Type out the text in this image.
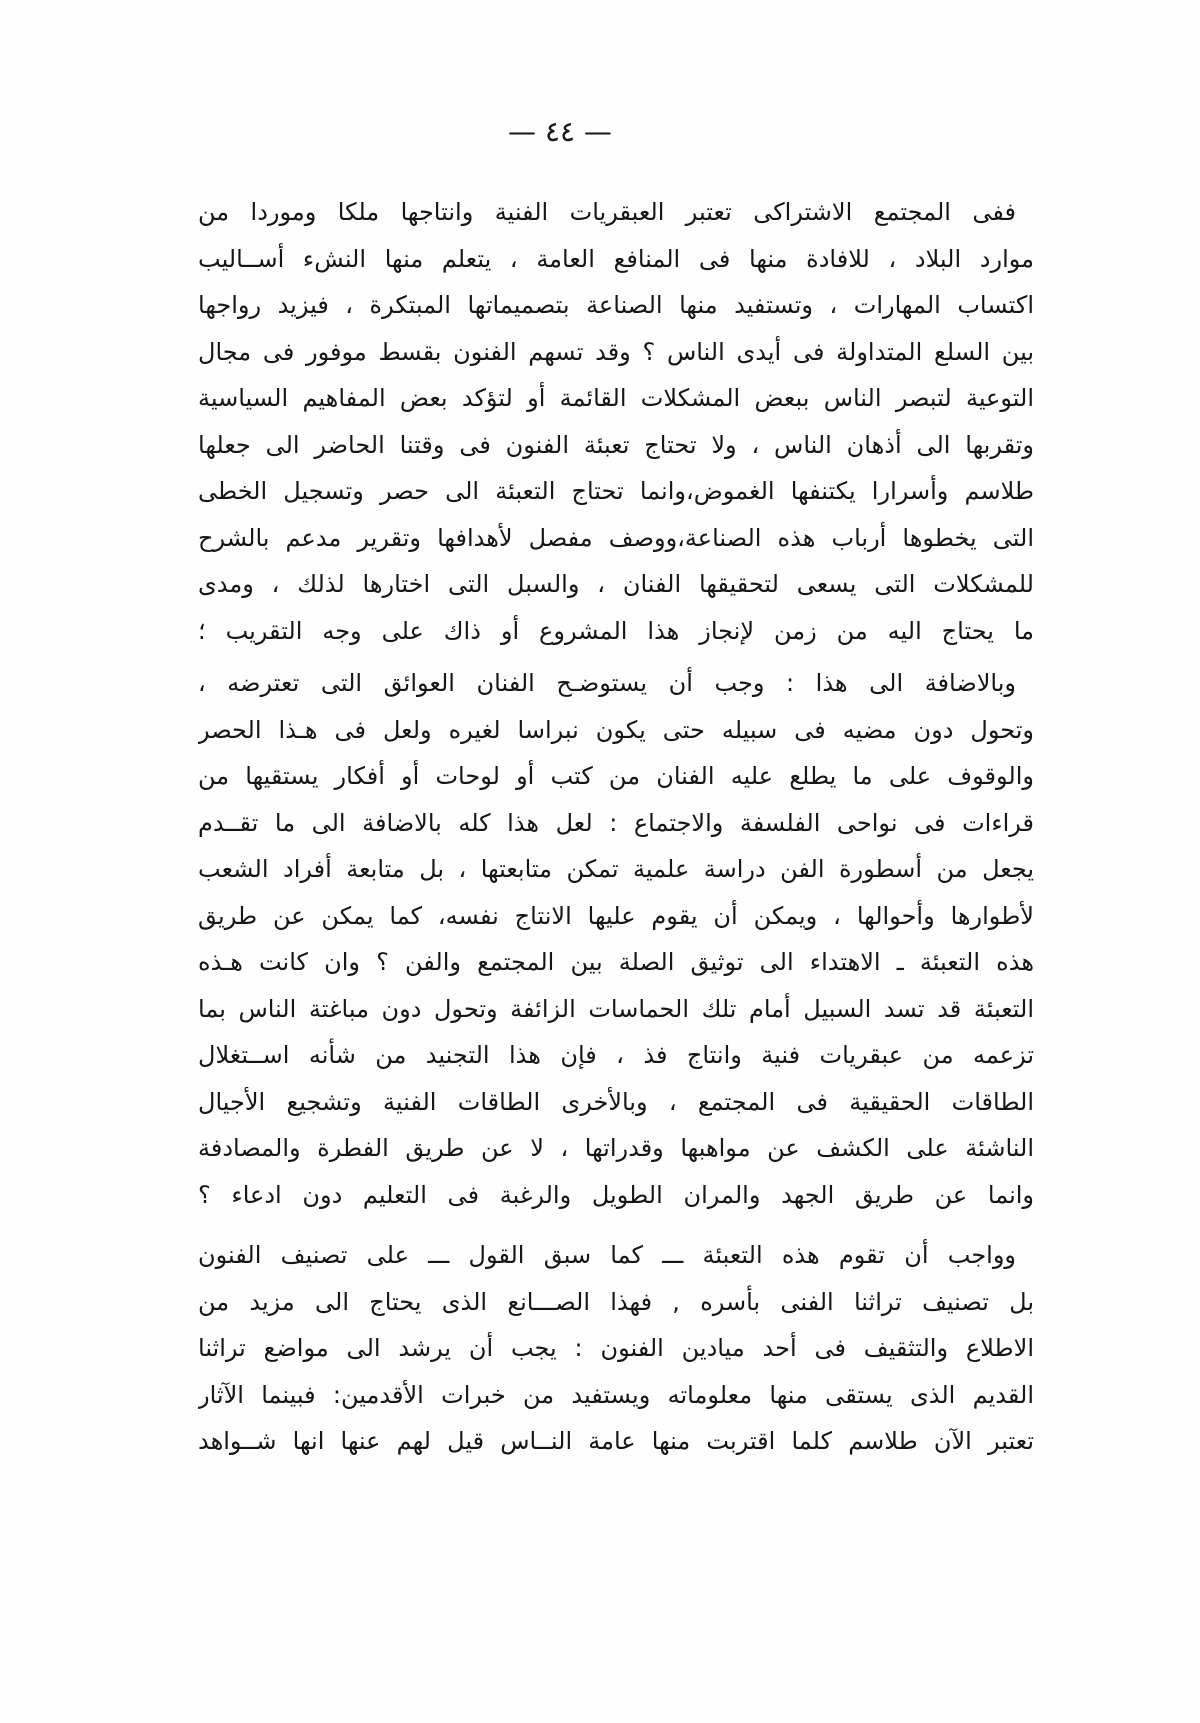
— ٤٤ —
ففى المجتمع الاشتراكى تعتبر العبقريات الفنية وانتاجها ملكا وموردا من
موارد البلاد ، للافادة منها فى المنافع العامة ، يتعلم منها النشء أســاليب
اكتساب المهارات ، وتستفيد منها الصناعة بتصميماتها المبتكرة ، فيزيد رواجها
بين السلع المتداولة فى أيدى الناس ؟ وقد تسهم الفنون بقسط موفور فى مجال
التوعية لتبصر الناس ببعض المشكلات القائمة أو لتؤكد بعض المفاهيم السياسية
وتقربها الى أذهان الناس ، ولا تحتاج تعبئة الفنون فى وقتنا الحاضر الى جعلها
طلاسم وأسرارا يكتنفها الغموض،وانما تحتاج التعبئة الى حصر وتسجيل الخطى
التى يخطوها أرباب هذه الصناعة،ووصف مفصل لأهدافها وتقرير مدعم بالشرح
للمشكلات التى يسعى لتحقيقها الفنان ، والسبل التى اختارها لذلك ، ومدى
ما يحتاج اليه من زمن لإنجاز هذا المشروع أو ذاك على وجه التقريب ؛
وبالاضافة الى هذا : وجب أن يستوضـح الفنان العوائق التى تعترضه ،
وتحول دون مضيه فى سبيله حتى يكون نبراسا لغيره ولعل فى هـذا الحصر
والوقوف على ما يطلع عليه الفنان من كتب أو لوحات أو أفكار يستقيها من
قراءات فى نواحى الفلسفة والاجتماع : لعل هذا كله بالاضافة الى ما تقــدم
يجعل من أسطورة الفن دراسة علمية تمكن متابعتها ، بل متابعة أفراد الشعب
لأطوارها وأحوالها ، ويمكن أن يقوم عليها الانتاج نفسه، كما يمكن عن طريق
هذه التعبئة ـ الاهتداء الى توثيق الصلة بين المجتمع والفن ؟ وان كانت هـذه
التعبئة قد تسد السبيل أمام تلك الحماسات الزائفة وتحول دون مباغتة الناس بما
تزعمه من عبقريات فنية وانتاج فذ ، فإن هذا التجنيد من شأنه اســتغلال
الطاقات الحقيقية فى المجتمع ، وبالأخرى الطاقات الفنية وتشجيع الأجيال
الناشئة على الكشف عن مواهبها وقدراتها ، لا عن طريق الفطرة والمصادفة
وانما عن طريق الجهد والمران الطويل والرغبة فى التعليم دون ادعاء ؟
وواجب أن تقوم هذه التعبئة ـــ كما سبق القول ـــ على تصنيف الفنون
بل تصنيف تراثنا الفنى بأسره , فهذا الصـــانع الذى يحتاج الى مزيد من
الاطلاع والتثقيف فى أحد ميادين الفنون : يجب أن يرشد الى مواضع تراثنا
القديم الذى يستقى منها معلوماته ويستفيد من خبرات الأقدمين: فبينما الآثار
تعتبر الآن طلاسم كلما اقتربت منها عامة النــاس قيل لهم عنها انها شــواهد
